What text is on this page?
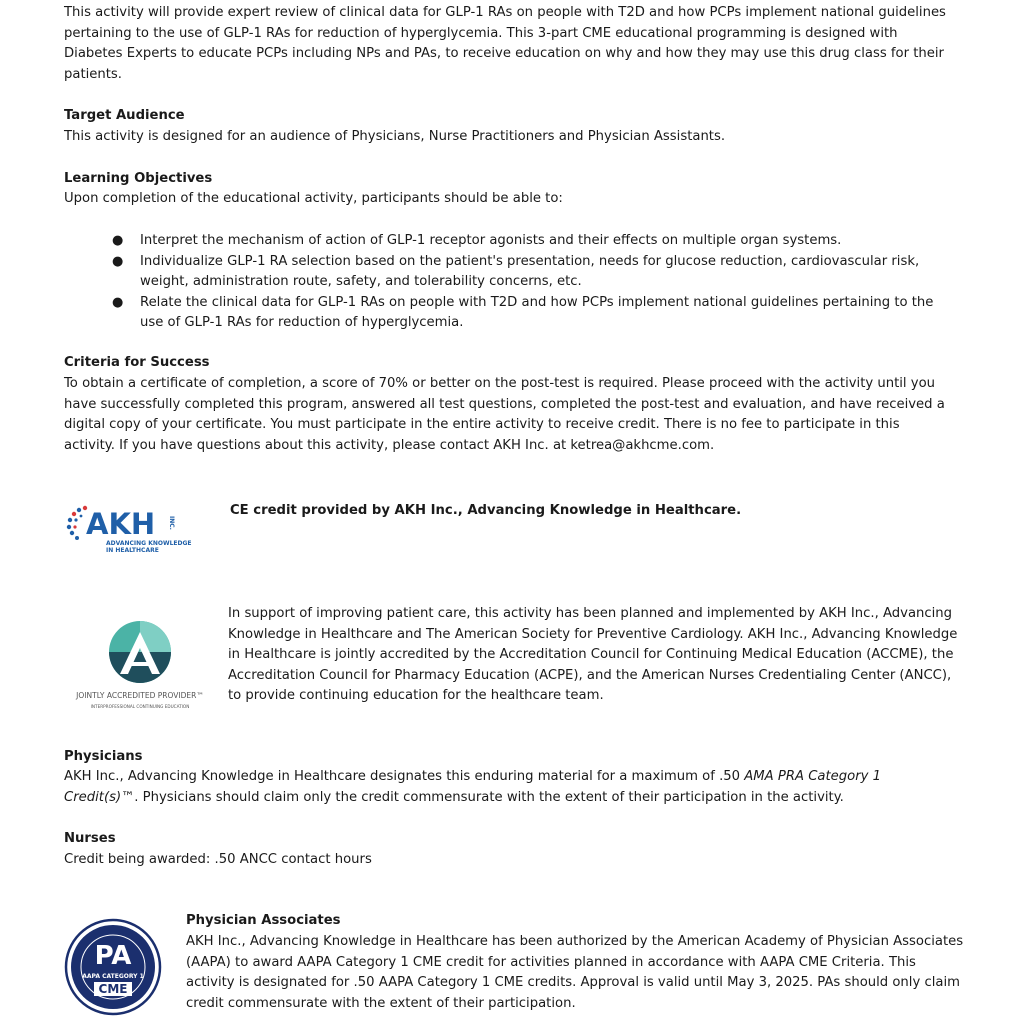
This activity will provide expert review of clinical data for GLP-1 RAs on people with T2D and how PCPs implement national guidelines pertaining to the use of GLP-1 RAs for reduction of hyperglycemia. This 3-part CME educational programming is designed with Diabetes Experts to educate PCPs including NPs and PAs, to receive education on why and how they may use this drug class for their patients.

Target Audience

This activity is designed for an audience of Physicians, Nurse Practitioners and Physician Assistants.

Learning Objectives

Upon completion of the educational activity, participants should be able to:

● Interpret the mechanism of action of GLP-1 receptor agonists and their effects on multiple organ systems.
● Individualize GLP-1 RA selection based on the patient's presentation, needs for glucose reduction, cardiovascular risk, weight, administration route, safety, and tolerability concerns, etc.
● Relate the clinical data for GLP-1 RAs on people with T2D and how PCPs implement national guidelines pertaining to the use of GLP-1 RAs for reduction of hyperglycemia.
Criteria for Success

To obtain a certificate of completion, a score of 70% or better on the post-test is required. Please proceed with the activity until you have successfully completed this program, answered all test questions, completed the post-test and evaluation, and have received a digital copy of your certificate. You must participate in the entire activity to receive credit. There is no fee to participate in this activity. If you have questions about this activity, please contact AKH Inc. at ketrea@akhcme.com.

AKH INC.
ADVANCING KNOWLEDGE
IN HEALTHCARE
CE credit provided by AKH Inc., Advancing Knowledge in Healthcare.
JOINTLY ACCREDITED PROVIDER™
INTERPROFESSIONAL CONTINUING EDUCATION

In support of improving patient care, this activity has been planned and implemented by AKH Inc., Advancing Knowledge in Healthcare and The American Society for Preventive Cardiology. AKH Inc., Advancing Knowledge in Healthcare is jointly accredited by the Accreditation Council for Continuing Medical Education (ACCME), the Accreditation Council for Pharmacy Education (ACPE), and the American Nurses Credentialing Center (ANCC), to provide continuing education for the healthcare team.

Physicians

AKH Inc., Advancing Knowledge in Healthcare designates this enduring material for a maximum of .50 AMA PRA Category 1 Credit(s)™. Physicians should claim only the credit commensurate with the extent of their participation in the activity.

Nurses

Credit being awarded: .50 ANCC contact hours

PA
AAPA CATEGORY 1
CME
Physician Associates

AKH Inc., Advancing Knowledge in Healthcare has been authorized by the American Academy of Physician Associates (AAPA) to award AAPA Category 1 CME credit for activities planned in accordance with AAPA CME Criteria. This activity is designated for .50 AAPA Category 1 CME credits. Approval is valid until May 3, 2025. PAs should only claim credit commensurate with the extent of their participation.
